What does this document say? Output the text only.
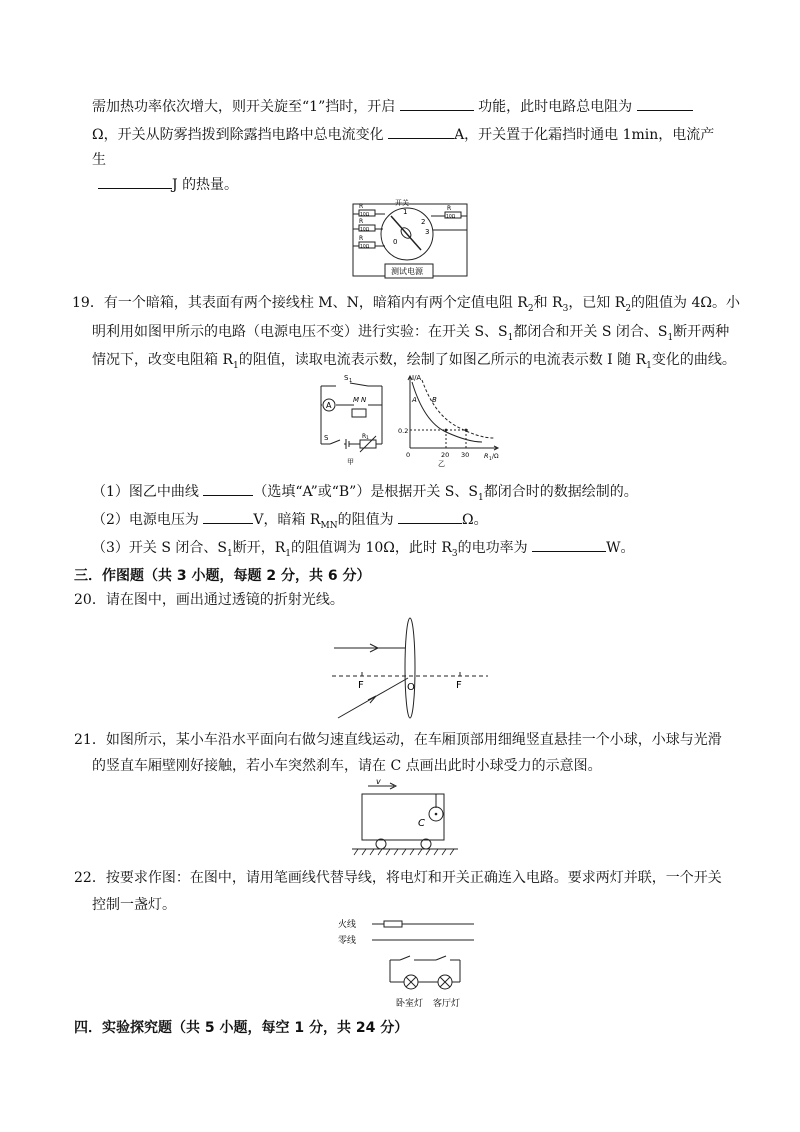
需加热功率依次增大，则开关旋至“1”挡时，开启	功能，此时电路总电阻为
Ω，开关从防雾挡拨到除露挡电路中总电流变化	A，开关置于化霜挡时通电 1min，电流产
生
J 的热量。
开关
R
R
R
R
10Ω
10Ω
10Ω
10Ω
1
2
3
0
测试电源
19．有一个暗箱，其表面有两个接线柱 M、N，暗箱内有两个定值电阻 $R_2$和 $R_3$，已知 $R_2$的阻值为 4Ω。小
明利用如图甲所示的电路（电源电压不变）进行实验：在开关 S、$S_1$都闭合和开关 S 闭合、$S_1$断开两种
情况下，改变电阻箱 $R_1$的阻值，读取电流表示数，绘制了如图乙所示的电流表示数 I 随 $R_1$变化的曲线。
A
S 1
M N
S	R 1
甲
I/A
A B
0.2
0	20 30 R 1 /Ω
乙
（1）图乙中曲线	（选填“A”或“B”）是根据开关 S、$S_1$都闭合时的数据绘制的。
（2）电源电压为	V，暗箱 $R_{MN}$的阻值为	Ω。
（3）开关 S 闭合、$S_1$断开，$R_1$的阻值调为 10Ω，此时 $R_3$的电功率为	W。
三．作图题（共 3 小题，每题 2 分，共 6 分）
20．请在图中，画出通过透镜的折射光线。
F	O	F
21．如图所示，某小车沿水平面向右做匀速直线运动，在车厢顶部用细绳竖直悬挂一个小球，小球与光滑
的竖直车厢壁刚好接触，若小车突然刹车，请在 C 点画出此时小球受力的示意图。
v
C
22．按要求作图：在图中，请用笔画线代替导线，将电灯和开关正确连入电路。要求两灯并联，一个开关
控制一盏灯。
火线
零线
卧室灯 客厅灯
四．实验探究题（共 5 小题，每空 1 分，共 24 分）
